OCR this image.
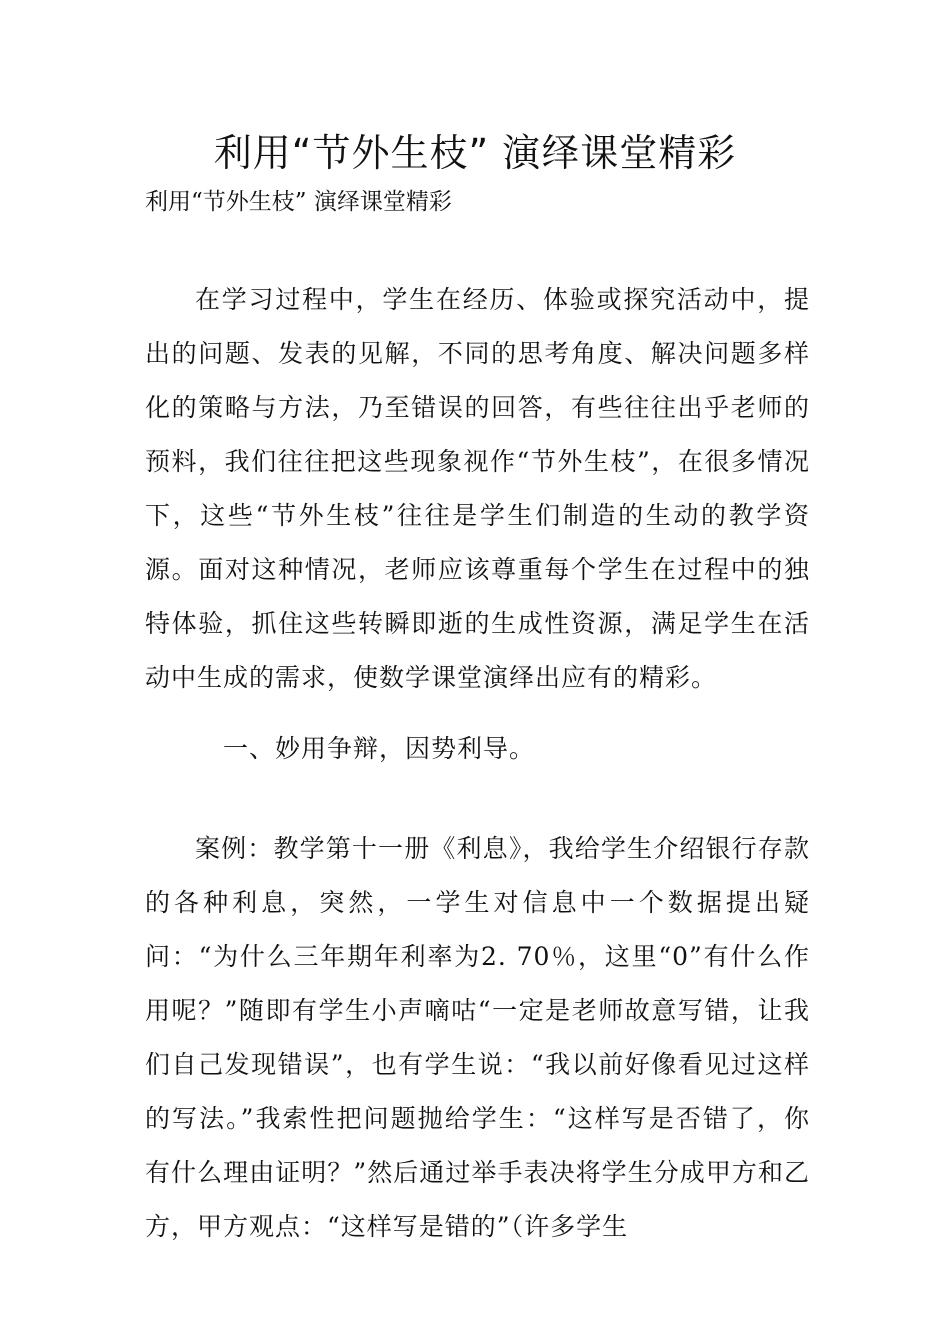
利用“节外生枝” 演绎课堂精彩

利用“节外生枝” 演绎课堂精彩

在学习过程中，学生在经历、体验或探究活动中，提出的问题、发表的见解，不同的思考角度、解决问题多样化的策略与方法，乃至错误的回答，有些往往出乎老师的预料，我们往往把这些现象视作“节外生枝”，在很多情况下，这些“节外生枝”往往是学生们制造的生动的教学资源。面对这种情况，老师应该尊重每个学生在过程中的独特体验，抓住这些转瞬即逝的生成性资源，满足学生在活动中生成的需求，使数学课堂演绎出应有的精彩。

一、妙用争辩，因势利导。

案例：教学第十一册《利息》，我给学生介绍银行存款的各种利息，突然，一学生对信息中一个数据提出疑问：“为什么三年期年利率为2. 70％，这里“0”有什么作用呢？”随即有学生小声嘀咕“一定是老师故意写错，让我们自己发现错误”，也有学生说：“我以前好像看见过这样的写法。”我索性把问题抛给学生：“这样写是否错了，你有什么理由证明？”然后通过举手表决将学生分成甲方和乙方，甲方观点：“这样写是错的”（许多学生
